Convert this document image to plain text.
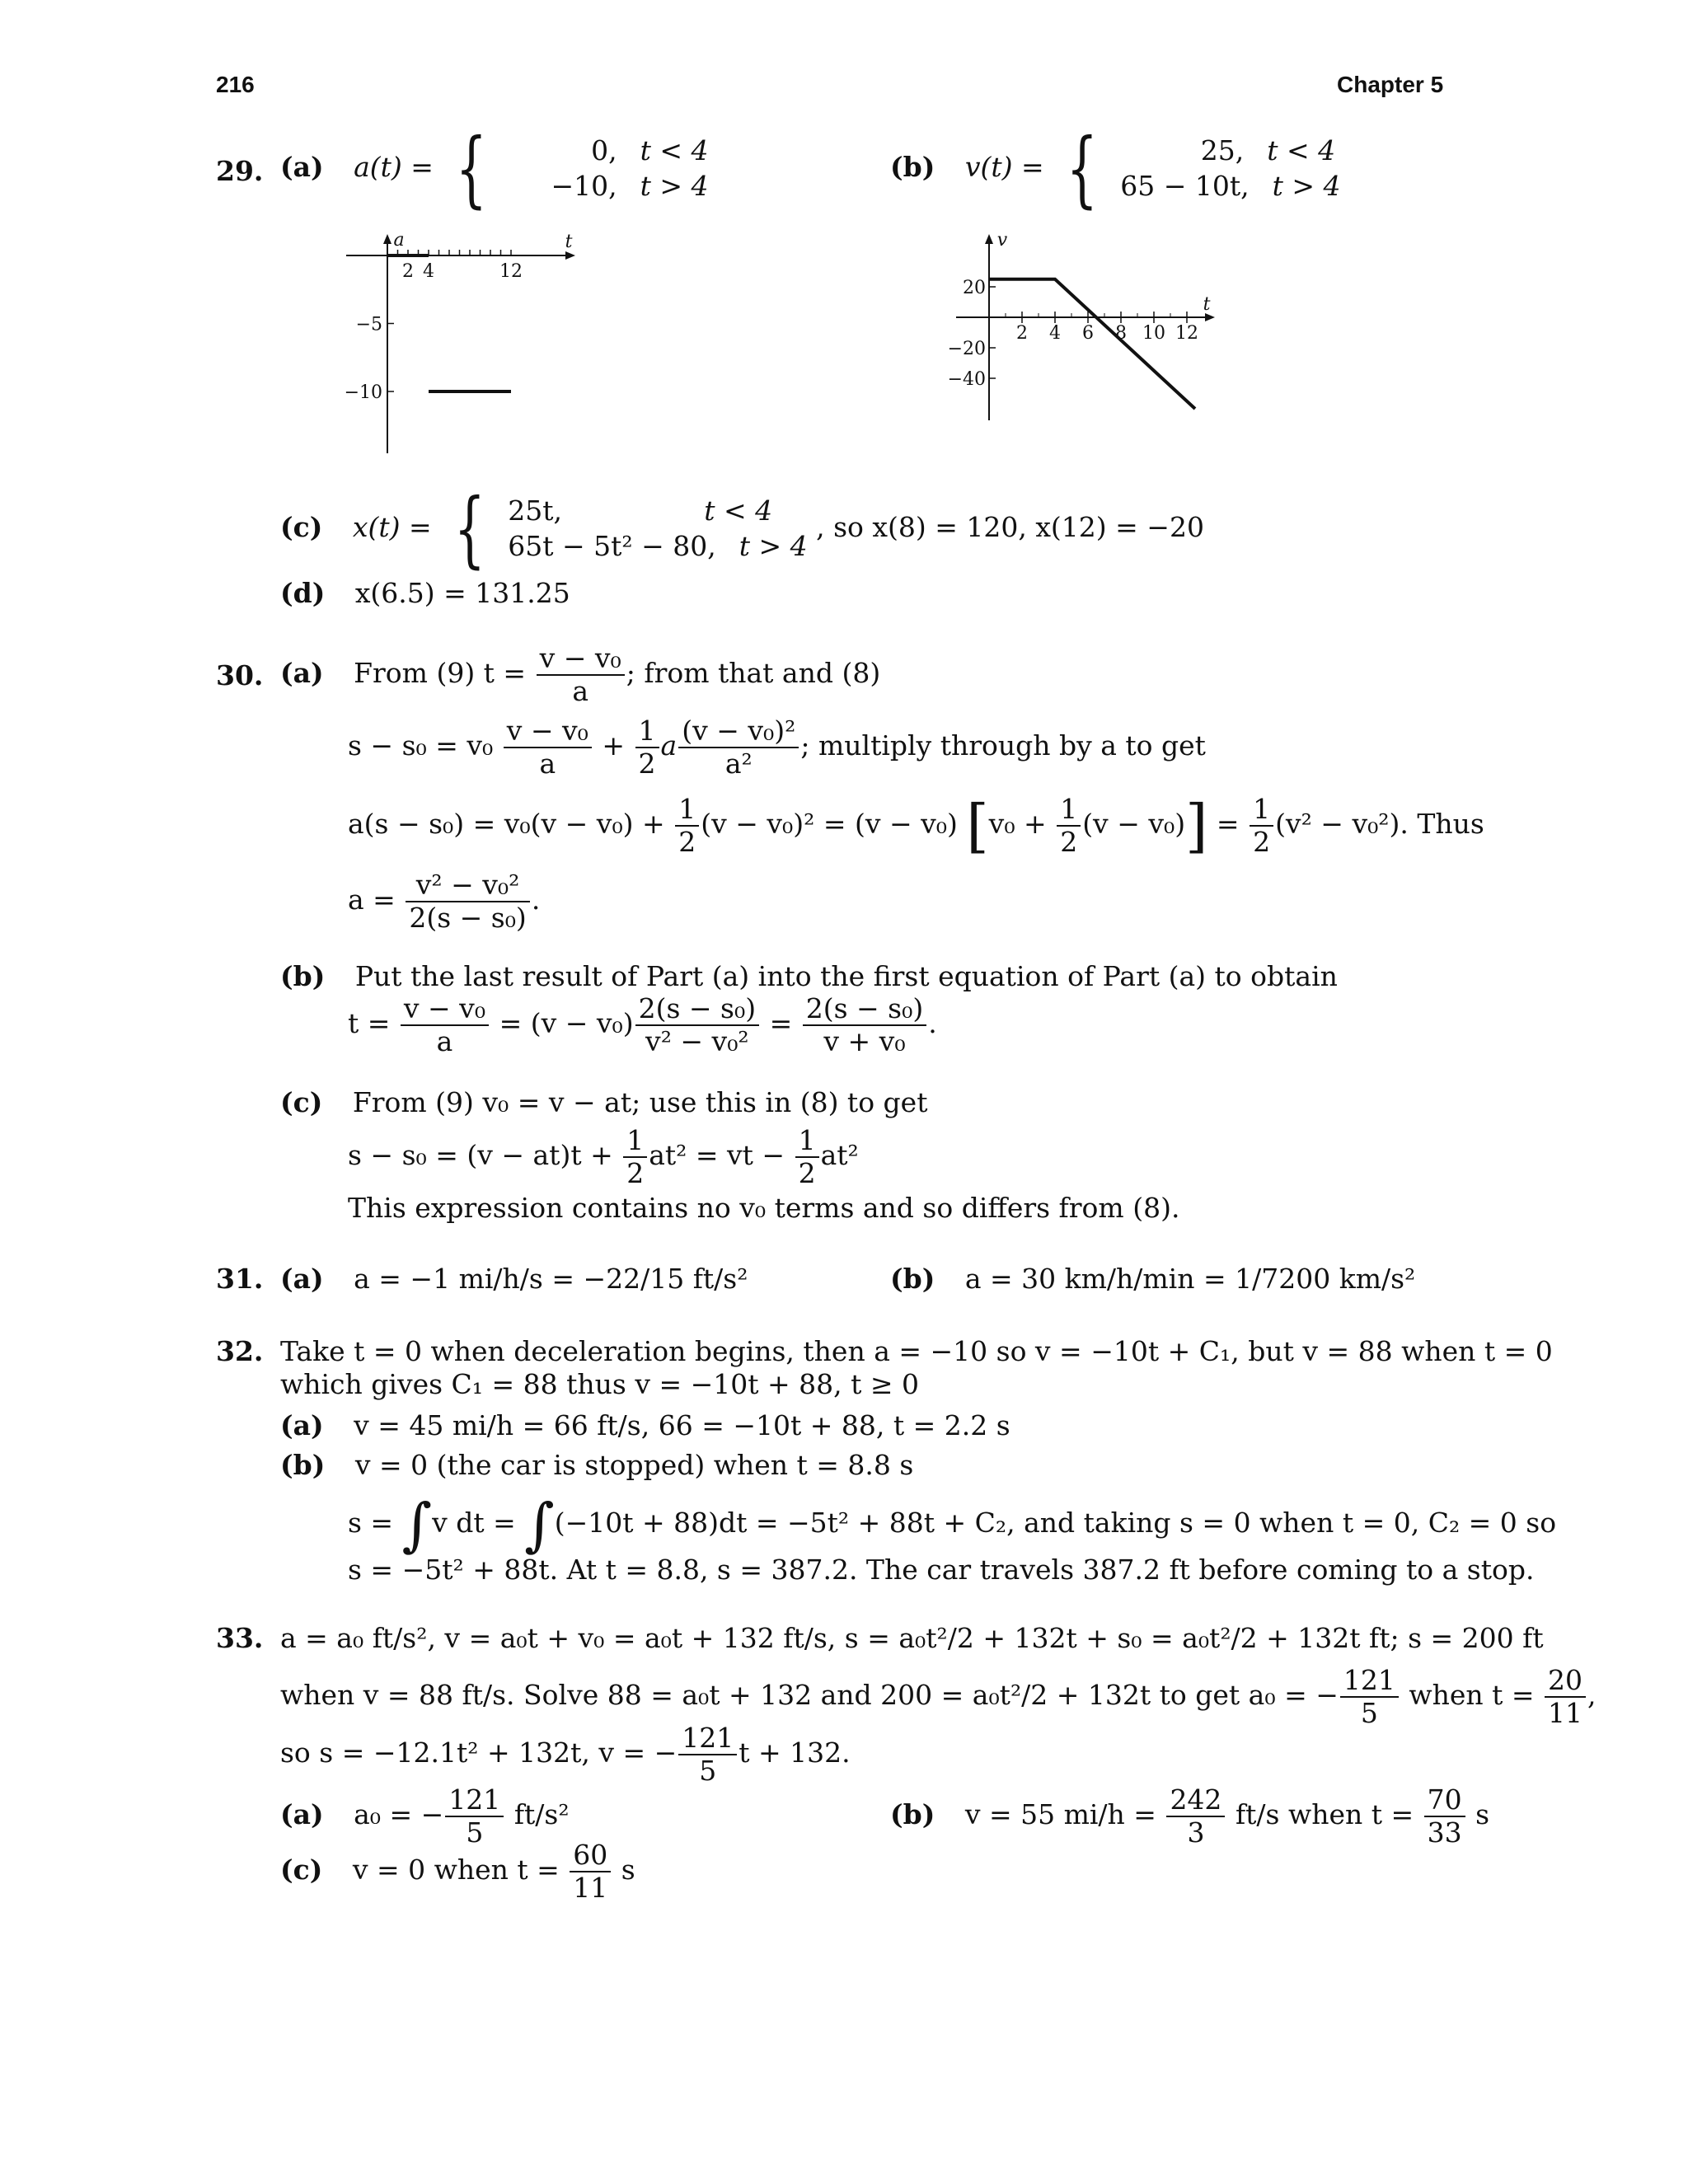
216	Chapter 5
29. (a) a(t) = {	0, t < 4
−10, t > 4
(b) v(t) = {	25, t < 4
65 − 10t, t > 4
a	t
2 4	12
−5
−10
v
t
2 4 6 8 10 12
20
−20
−40
(c) x(t) = { 25t,	t < 4
65t − 5t² − 80, t > 4
, so x(8) = 120, x(12) = −20
(d) x(6.5) = 131.25
30. (a) From (9) $t = \frac{\text{v − v₀}}{a}$ ; from that and (8)
$s - s_0 = v_0 \frac{\text{v − v₀}}{a} + \frac{1}{2}$ a $\frac{\text{(v − v₀)²}}{\text{a²}}$ ; multiply through by a to get
$a(s - s_0) = v_0(v - v_0) + \frac{1}{2} (v - v_0)^2 = (v - v_0) [v_0 + \frac{1}{2} (v - v_0)] = \frac{1}{2} (v^2 - v_0^2)$. Thus
$a = \frac{\text{v² − v₀²}}{\text{2(s − s₀)}}$ .
(b) Put the last result of Part (a) into the first equation of Part (a) to obtain
$t = \frac{\text{v − v₀}}{a} = (v - v_0) \frac{\text{2(s − s₀)}}{\text{v² − v₀²}} = \frac{\text{2(s − s₀)}}{\text{v + v₀}}$ .
(c) From (9) v₀ = v − at; use this in (8) to get
$s - s_0 = (v - at)t + \frac{1}{2} at^2$ = vt − $\frac{1}{2} at^2$
This expression contains no v₀ terms and so differs from (8).
31. (a) a = −1 mi/h/s = −22/15 ft/s²	(b) a = 30 km/h/min = 1/7200 km/s²
32. Take t = 0 when deceleration begins, then a = −10 so v = −10t + C₁, but v = 88 when t = 0
which gives C₁ = 88 thus v = −10t + 88, t ≥ 0
(a) v = 45 mi/h = 66 ft/s, 66 = −10t + 88, t = 2.2 s
(b) v = 0 (the car is stopped) when t = 8.8 s
s = ∫v dt = ∫(−10t + 88)dt = −5t² + 88t + C₂, and taking s = 0 when t = 0, C₂ = 0 so
s = −5t² + 88t. At t = 8.8, s = 387.2. The car travels 387.2 ft before coming to a stop.
33. a = a₀ ft/s², v = a₀t + v₀ = a₀t + 132 ft/s, s = a₀t²/2 + 132t + s₀ = a₀t²/2 + 132t ft; s = 200 ft
when v = 88 ft/s. Solve 88 = a₀t + 132 and 200 = a₀t²/2 + 132t to get a₀ = − $\frac{121}{5}$ when $t = \frac{20}{11}$ ,
so s = −12.1t² + 132t, v = − $\frac{121}{5}$ t + 132.
(a) a₀ = − $\frac{121}{5} ft/s^2$	(b) v = 55 $mi/h = \frac{242}{3} ft/s$ when $t = \frac{70}{33}$ s
(c) v = 0 when $t = \frac{60}{11}$ s
